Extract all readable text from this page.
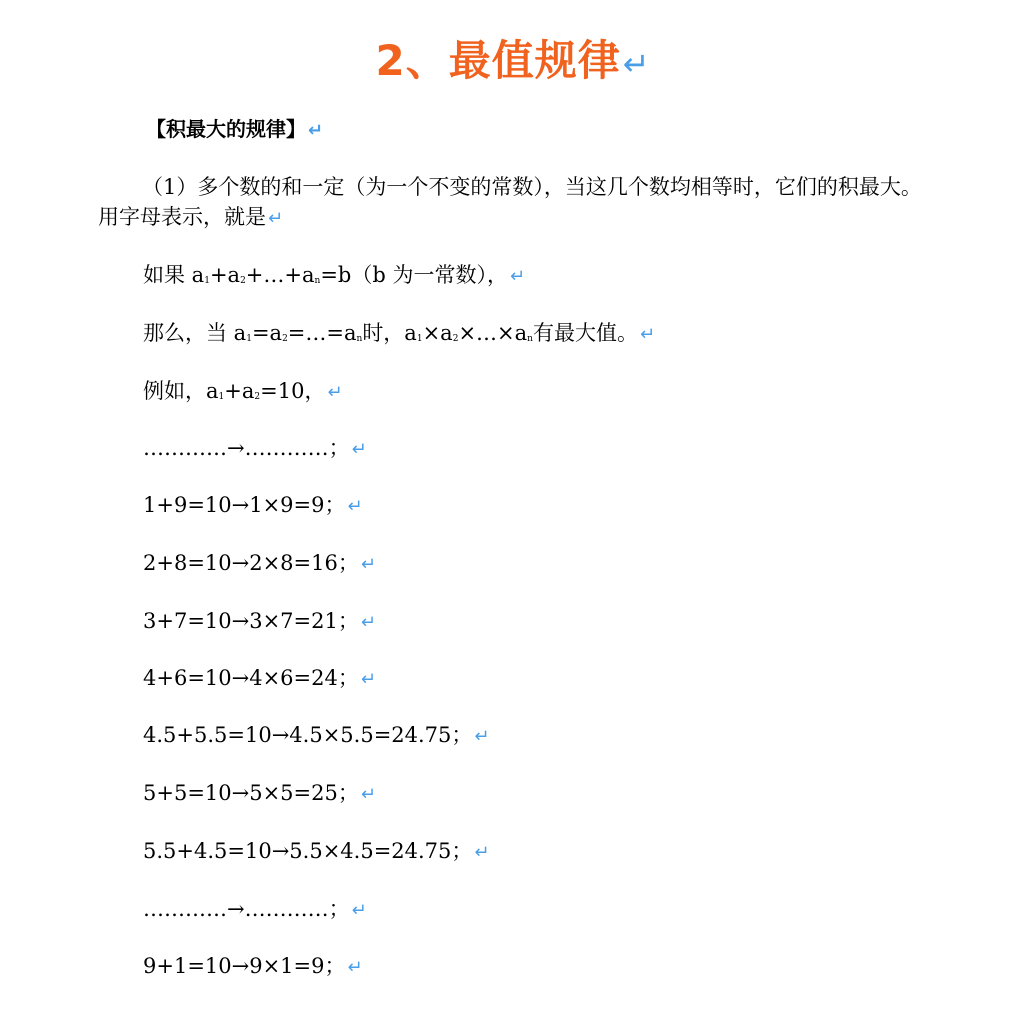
2、最值规律↵
【积最大的规律】 ↵
（1）多个数的和一定（为一个不变的常数），当这几个数均相等时，它们的积最大。用字母表示，就是 ↵
如果 $a_1+a_2+\dots+a_n=b(b$ 为一常数）， ↵
那么，当 $a_1=a_2=\dots=a_n$时，$a_1\times a_2\times\dots\times a_n$有最大值。 ↵
例如，$a_1+a_2=10$， ↵
…………→…………； ↵
1+9=10→1×9=9； ↵
2+8=10→2×8=16； ↵
3+7=10→3×7=21； ↵
4+6=10→4×6=24； ↵
4.5+5.5=10→4.5×5.5=24.75； ↵
5+5=10→5×5=25； ↵
5.5+4.5=10→5.5×4.5=24.75； ↵
…………→…………； ↵
9+1=10→9×1=9； ↵
